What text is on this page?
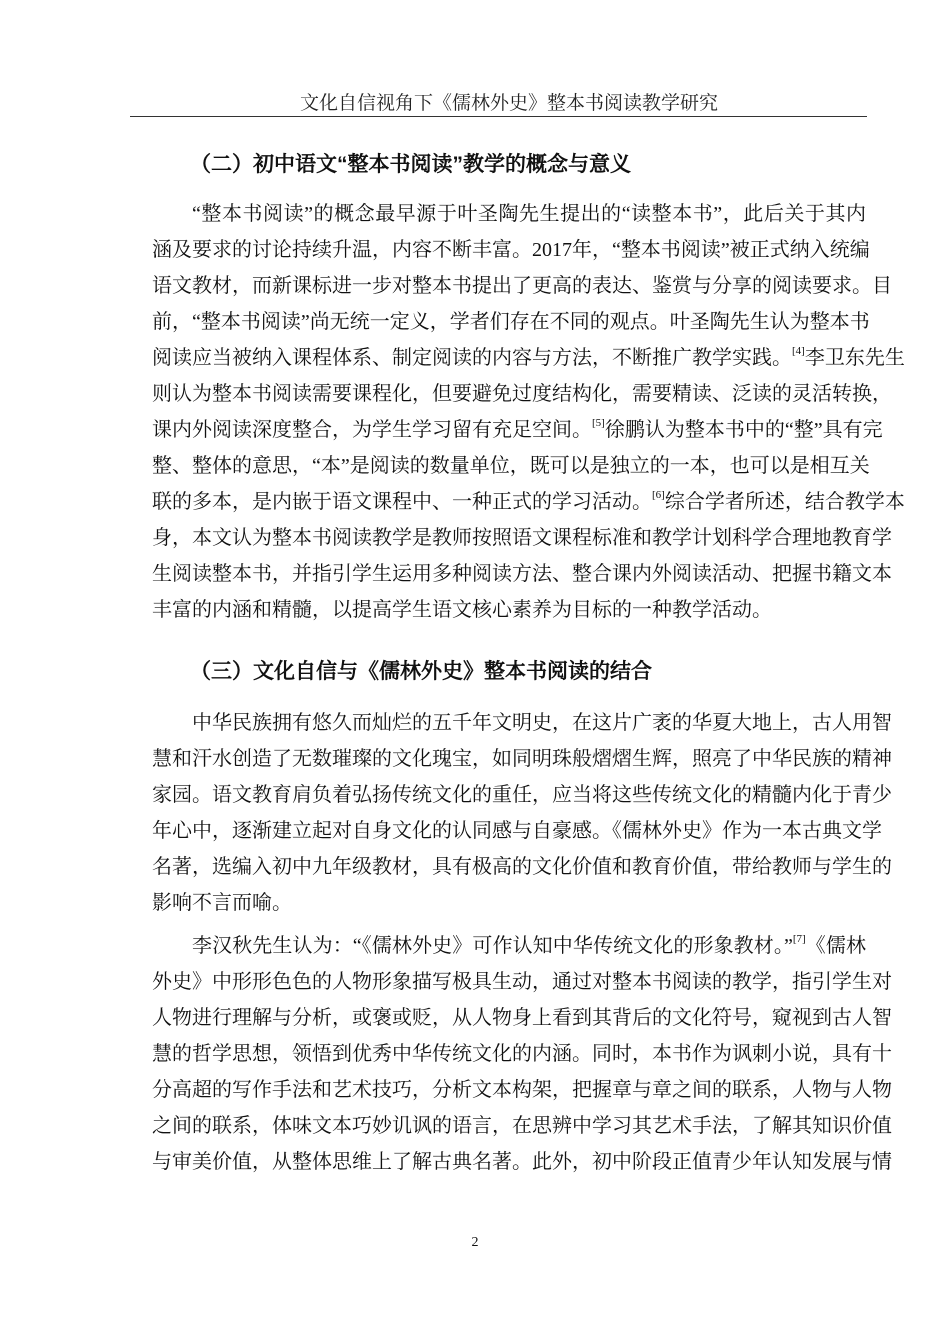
文化自信视角下《儒林外史》整本书阅读教学研究
（二）初中语文“整本书阅读”教学的概念与意义
“整本书阅读”的概念最早源于叶圣陶先生提出的“读整本书”，此后关于其内
涵及要求的讨论持续升温，内容不断丰富。2017年，“整本书阅读”被正式纳入统编
语文教材，而新课标进一步对整本书提出了更高的表达、鉴赏与分享的阅读要求。目
前，“整本书阅读”尚无统一定义，学者们存在不同的观点。叶圣陶先生认为整本书
阅读应当被纳入课程体系、制定阅读的内容与方法，不断推广教学实践。[4]李卫东先生
则认为整本书阅读需要课程化，但要避免过度结构化，需要精读、泛读的灵活转换，
课内外阅读深度整合，为学生学习留有充足空间。[5]徐鹏认为整本书中的“整”具有完
整、整体的意思，“本”是阅读的数量单位，既可以是独立的一本，也可以是相互关
联的多本，是内嵌于语文课程中、一种正式的学习活动。[6]综合学者所述，结合教学本
身，本文认为整本书阅读教学是教师按照语文课程标准和教学计划科学合理地教育学
生阅读整本书，并指引学生运用多种阅读方法、整合课内外阅读活动、把握书籍文本
丰富的内涵和精髓，以提高学生语文核心素养为目标的一种教学活动。
（三）文化自信与《儒林外史》整本书阅读的结合
中华民族拥有悠久而灿烂的五千年文明史，在这片广袤的华夏大地上，古人用智
慧和汗水创造了无数璀璨的文化瑰宝，如同明珠般熠熠生辉，照亮了中华民族的精神
家园。语文教育肩负着弘扬传统文化的重任，应当将这些传统文化的精髓内化于青少
年心中，逐渐建立起对自身文化的认同感与自豪感。《儒林外史》作为一本古典文学
名著，选编入初中九年级教材，具有极高的文化价值和教育价值，带给教师与学生的
影响不言而喻。
李汉秋先生认为：“《儒林外史》可作认知中华传统文化的形象教材。”[7]《儒林
外史》中形形色色的人物形象描写极具生动，通过对整本书阅读的教学，指引学生对
人物进行理解与分析，或褒或贬，从人物身上看到其背后的文化符号，窥视到古人智
慧的哲学思想，领悟到优秀中华传统文化的内涵。同时，本书作为讽刺小说，具有十
分高超的写作手法和艺术技巧，分析文本构架，把握章与章之间的联系，人物与人物
之间的联系，体味文本巧妙讥讽的语言，在思辨中学习其艺术手法，了解其知识价值
与审美价值，从整体思维上了解古典名著。此外，初中阶段正值青少年认知发展与情
2
